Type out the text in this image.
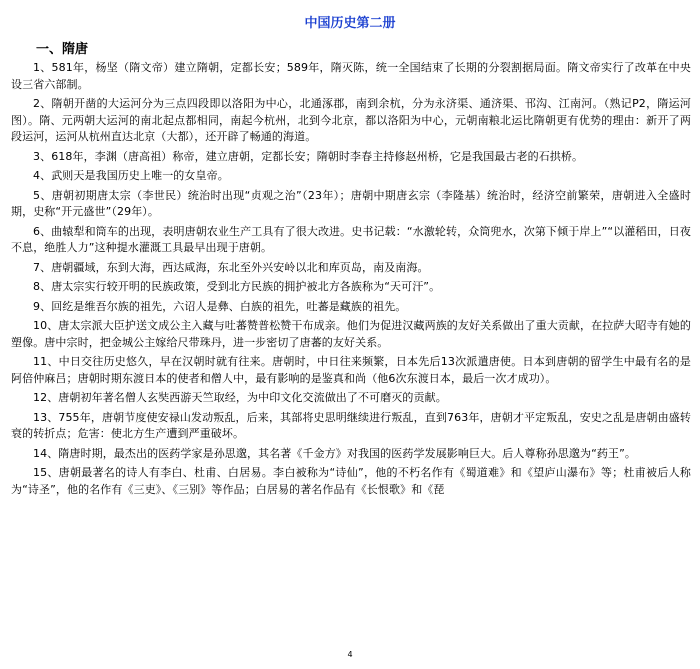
中国历史第二册
一、隋唐

1、581年，杨坚（隋文帝）建立隋朝，定都长安；589年，隋灭陈，统一全国结束了长期的分裂割据局面。隋文帝实行了改革在中央设三省六部制。

2、隋朝开凿的大运河分为三点四段即以洛阳为中心，北通涿郡，南到余杭，分为永济渠、通济渠、邗沟、江南河。（熟记P2，隋运河图）。隋、元两朝大运河的南北起点都相同，南起今杭州，北到今北京，都以洛阳为中心，元朝南粮北运比隋朝更有优势的理由：新开了两段运河，运河从杭州直达北京（大都），还开辟了畅通的海道。

3、618年，李渊（唐高祖）称帝，建立唐朝，定都长安；隋朝时李春主持修赵州桥，它是我国最古老的石拱桥。

4、武则天是我国历史上唯一的女皇帝。

5、唐朝初期唐太宗（李世民）统治时出现“贞观之治”（23年）；唐朝中期唐玄宗（李隆基）统治时，经济空前繁荣，唐朝进入全盛时期，史称“开元盛世”（29年）。

6、曲辕犁和筒车的出现，表明唐朝农业生产工具有了很大改进。史书记载：“水激轮转，众筒兜水，次第下倾于岸上”“以灌稻田，日夜不息，绝胜人力”这种提水灌溉工具最早出现于唐朝。

7、唐朝疆域，东到大海，西达咸海，东北至外兴安岭以北和库页岛，南及南海。

8、唐太宗实行较开明的民族政策，受到北方民族的拥护被北方各族称为“天可汗”。

9、回纥是维吾尔族的祖先，六诏人是彝、白族的祖先，吐蕃是藏族的祖先。

10、唐太宗派大臣护送文成公主入藏与吐蕃赞普松赞干布成亲。他们为促进汉藏两族的友好关系做出了重大贡献，在拉萨大昭寺有她的塑像。唐中宗时，把金城公主嫁给尺带珠丹，进一步密切了唐蕃的友好关系。

11、中日交往历史悠久，早在汉朝时就有往来。唐朝时，中日往来频繁，日本先后13次派遣唐使。日本到唐朝的留学生中最有名的是阿倍仲麻吕；唐朝时期东渡日本的使者和僧人中，最有影响的是鉴真和尚（他6次东渡日本，最后一次才成功）。

12、唐朝初年著名僧人玄奘西游天竺取经，为中印文化交流做出了不可磨灭的贡献。

13、755年，唐朝节度使安禄山发动叛乱，后来，其部将史思明继续进行叛乱，直到763年，唐朝才平定叛乱，安史之乱是唐朝由盛转衰的转折点；危害：使北方生产遭到严重破坏。

14、隋唐时期，最杰出的医药学家是孙思邈，其名著《千金方》对我国的医药学发展影响巨大。后人尊称孙思邈为“药王”。

15、唐朝最著名的诗人有李白、杜甫、白居易。李白被称为“诗仙”，他的不朽名作有《蜀道难》和《望庐山瀑布》等；杜甫被后人称为“诗圣”，他的名作有《三吏》、《三别》等作品；白居易的著名作品有《长恨歌》和《琵

4
